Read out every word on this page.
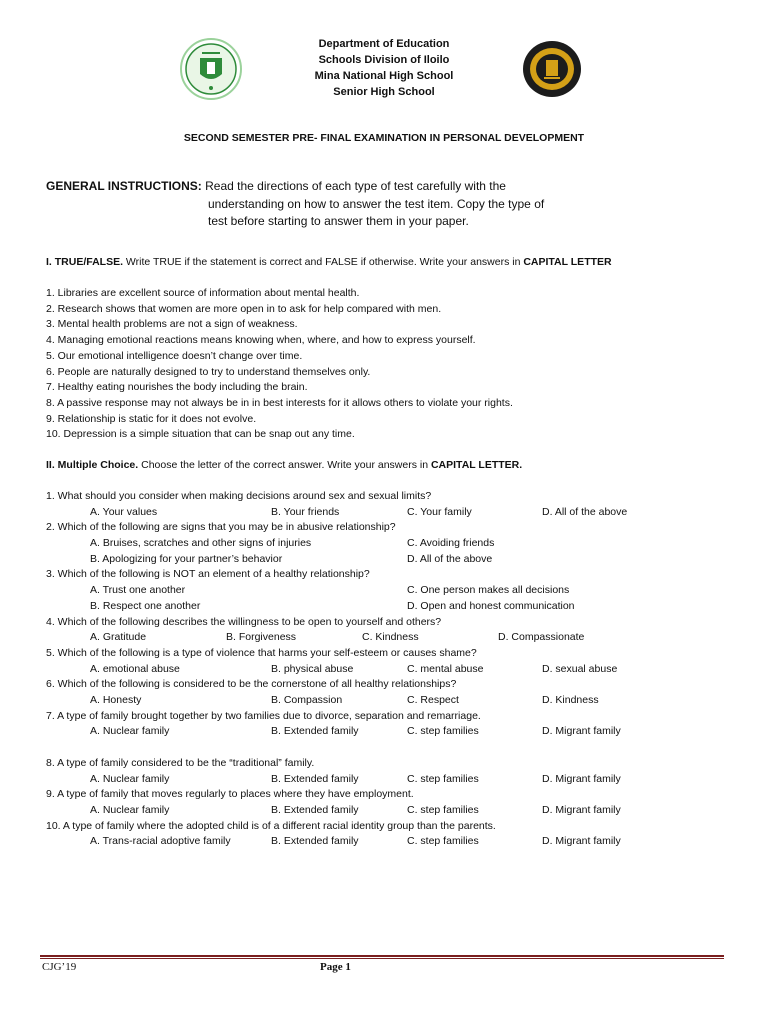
Department of Education
Schools Division of Iloilo
Mina National High School
Senior High School
SECOND SEMESTER PRE- FINAL EXAMINATION IN PERSONAL DEVELOPMENT
GENERAL INSTRUCTIONS: Read the directions of each type of test carefully with the
understanding on how to answer the test item. Copy the type of
test before starting to answer them in your paper.
I. TRUE/FALSE. Write TRUE if the statement is correct and FALSE if otherwise. Write your answers in CAPITAL LETTER
1. Libraries are excellent source of information about mental health.
2. Research shows that women are more open in to ask for help compared with men.
3. Mental health problems are not a sign of weakness.
4. Managing emotional reactions means knowing when, where, and how to express yourself.
5. Our emotional intelligence doesn’t change over time.
6. People are naturally designed to try to understand themselves only.
7. Healthy eating nourishes the body including the brain.
8. A passive response may not always be in in best interests for it allows others to violate your rights.
9. Relationship is static for it does not evolve.
10. Depression is a simple situation that can be snap out any time.
II. Multiple Choice. Choose the letter of the correct answer. Write your answers in CAPITAL LETTER.
1. What should you consider when making decisions around sex and sexual limits?
A. Your values	B. Your friends	C. Your family	D. All of the above
2. Which of the following are signs that you may be in abusive relationship?
A. Bruises, scratches and other signs of injuries	C. Avoiding friends
B. Apologizing for your partner’s behavior	D. All of the above
3. Which of the following is NOT an element of a healthy relationship?
A. Trust one another	C. One person makes all decisions
B. Respect one another	D. Open and honest communication
4. Which of the following describes the willingness to be open to yourself and others?
A. Gratitude	B. Forgiveness	C. Kindness	D. Compassionate
5. Which of the following is a type of violence that harms your self-esteem or causes shame?
A. emotional abuse	B. physical abuse	C. mental abuse	D. sexual abuse
6. Which of the following is considered to be the cornerstone of all healthy relationships?
A. Honesty	B. Compassion	C. Respect	D. Kindness
7. A type of family brought together by two families due to divorce, separation and remarriage.
A. Nuclear family	B. Extended family	C. step families	D. Migrant family
8. A type of family considered to be the “traditional” family.
A. Nuclear family	B. Extended family	C. step families	D. Migrant family
9. A type of family that moves regularly to places where they have employment.
A. Nuclear family	B. Extended family	C. step families	D. Migrant family
10. A type of family where the adopted child is of a different racial identity group than the parents.
A. Trans-racial adoptive family	B. Extended family	C. step families	D. Migrant family
CJG’19	Page 1
